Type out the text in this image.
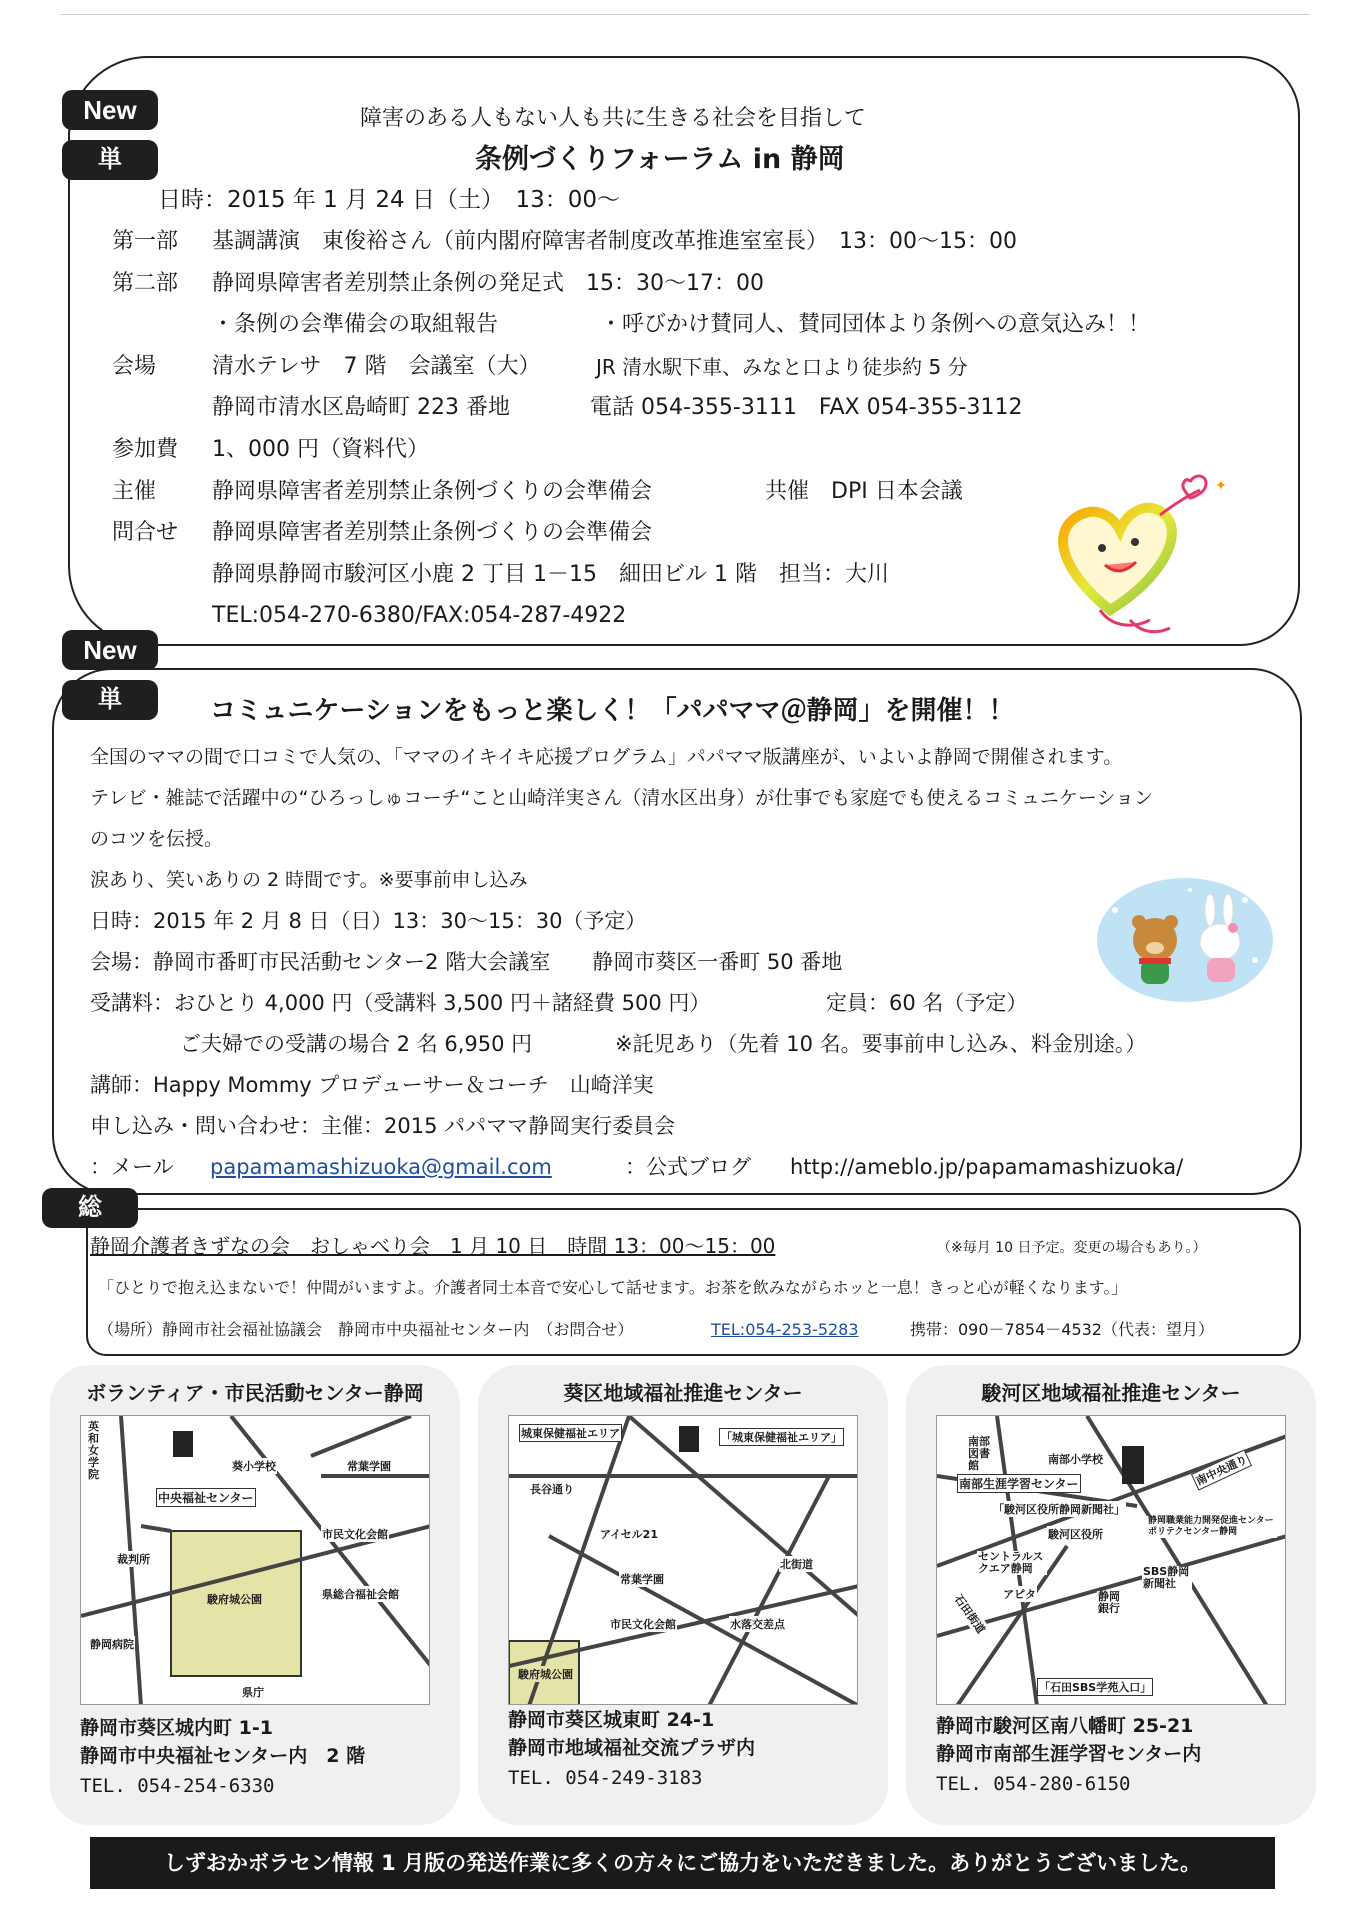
New
単
障害のある人もない人も共に生きる社会を目指して
条例づくりフォーラム in 静岡
日時：2015 年 1 月 24 日（土）　13：00～
第一部 基調講演　東俊裕さん（前内閣府障害者制度改革推進室室長）　13：00～15：00
第二部 静岡県障害者差別禁止条例の発足式　15：30～17：00
・条例の会準備会の取組報告	・呼びかけ賛同人、賛同団体より条例への意気込み！！
会場	清水テレサ　7 階　会議室（大）	JR 清水駅下車、みなと口より徒歩約 5 分
静岡市清水区島崎町 223 番地	電話 054-355-3111　FAX 054-355-3112
参加費 1、000 円（資料代）
主催	静岡県障害者差別禁止条例づくりの会準備会	共催　DPI 日本会議
問合せ 静岡県障害者差別禁止条例づくりの会準備会
静岡県静岡市駿河区小鹿 2 丁目 1－15　細田ビル 1 階　担当：大川
TEL:054-270-6380/FAX:054-287-4922
✦
New
単	コミュニケーションをもっと楽しく！「パパママ＠静岡」を開催！！
全国のママの間で口コミで人気の、「ママのイキイキ応援プログラム」パパママ版講座が、いよいよ静岡で開催されます。
テレビ・雑誌で活躍中の“ひろっしゅコーチ“こと山崎洋実さん（清水区出身）が仕事でも家庭でも使えるコミュニケーション
のコツを伝授。
涙あり、笑いありの 2 時間です。※要事前申し込み
日時：2015 年 2 月 8 日（日）13：30～15：30（予定）
会場：静岡市番町市民活動センター2 階大会議室　　静岡市葵区一番町 50 番地
受講料：おひとり 4,000 円（受講料 3,500 円＋諸経費 500 円）	定員：60 名（予定）
ご夫婦での受講の場合 2 名 6,950 円	※託児あり（先着 10 名。要事前申し込み、料金別途。）
講師：Happy Mommy プロデューサー＆コーチ　山崎洋実
申し込み・問い合わせ：主催：2015 パパママ静岡実行委員会
：メール papamamashizuoka@gmail.com	：公式ブログ http://ameblo.jp/papamamashizuoka/
総
静岡介護者きずなの会　おしゃべり会　1 月 10 日　時間 13：00～15：00	（※毎月 10 日予定。変更の場合もあり。）
「ひとりで抱え込まないで！仲間がいますよ。介護者同士本音で安心して話せます。お茶を飲みながらホッと一息！きっと心が軽くなります。」
（場所）静岡市社会福祉協議会　静岡市中央福祉センター内　（お問合せ）	TEL:054-253-5283	携帯：090－7854－4532（代表：望月）
ボランティア・市民活動センター静岡
英和女学院
葵小学校	常葉学園
中央福祉センター
市民文化会館
裁判所
駿府城公園	県総合福祉会館
静岡病院
県庁
静岡市葵区城内町 1-1
静岡市中央福祉センター内　2 階
TEL. 054-254-6330
葵区地域福祉推進センター
城東保健福祉エリア	「城東保健福祉エリア」
長谷通り
アイセル21
北街道
常葉学園
市民文化会館	水落交差点
駿府城公園
静岡市葵区城東町 24-1
静岡市地域福祉交流プラザ内
TEL. 054-249-3183
駿河区地域福祉推進センター
南部図書館	南部小学校	南中央通り
南部生涯学習センター
「駿河区役所静岡新聞社」
駿河区役所
静岡職業能力開発促進センターポリテクセンター静岡
セントラルスクエア静岡
アピタ
SBS静岡新聞社
石田街道	静岡銀行
「石田SBS学苑入口」
静岡市駿河区南八幡町 25-21
静岡市南部生涯学習センター内
TEL. 054-280-6150
しずおかボラセン情報 1 月版の発送作業に多くの方々にご協力をいただきました。ありがとうございました。
